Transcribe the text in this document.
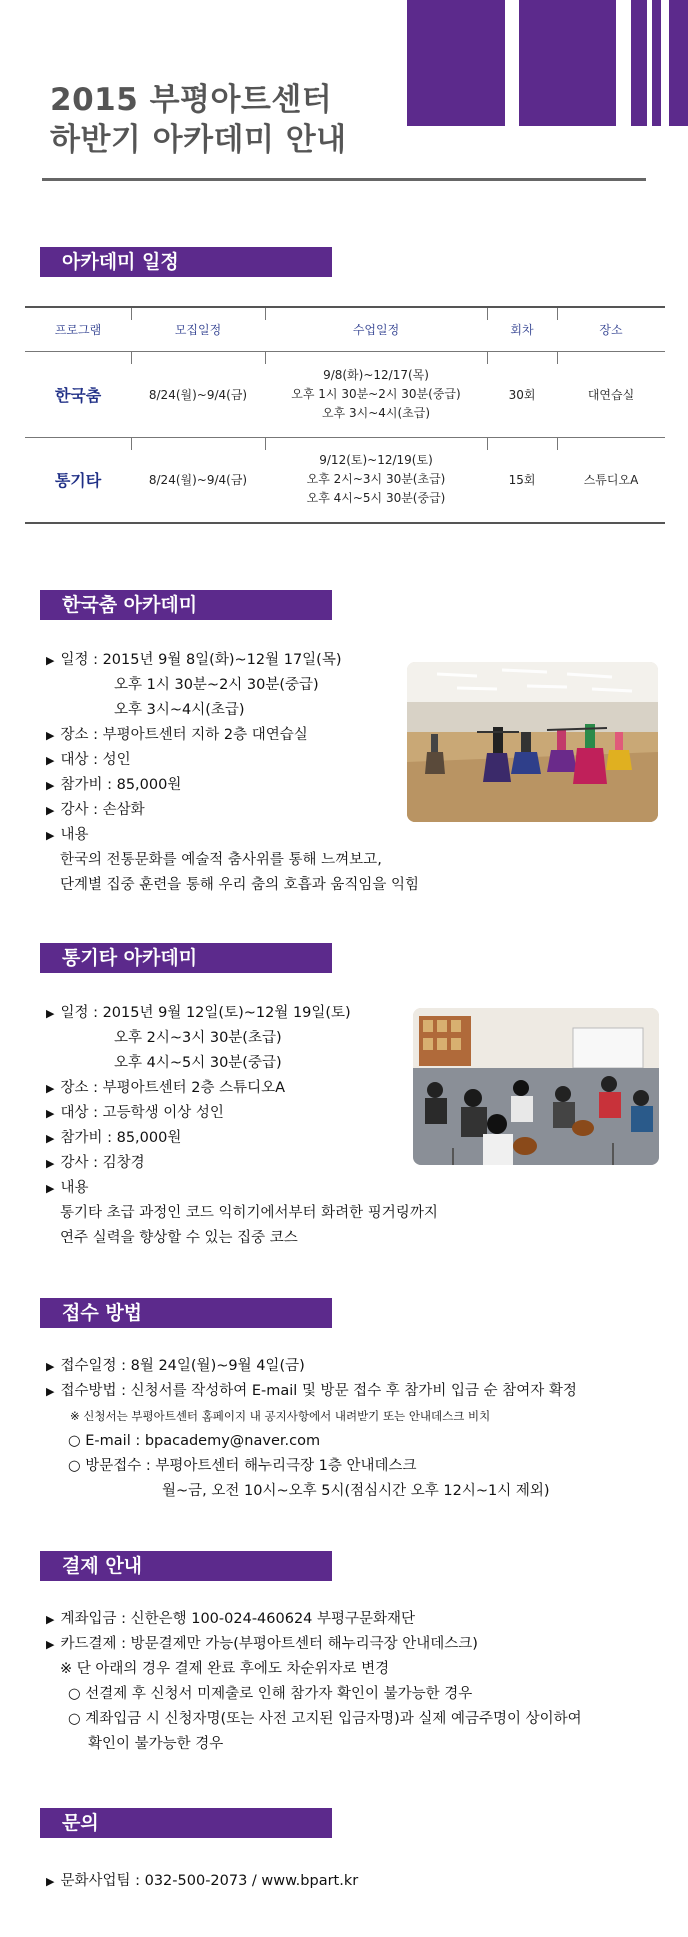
2015 부평아트센터
하반기 아카데미 안내
아카데미 일정
프로그램	모집일정	수업일정	회차	장소
한국춤	8/24(월)~9/4(금)	9/8(화)~12/17(목)
오후 1시 30분~2시 30분(중급)
오후 3시~4시(초급)	30회	대연습실
통기타	8/24(월)~9/4(금)	9/12(토)~12/19(토)
오후 2시~3시 30분(초급)
오후 4시~5시 30분(중급)	15회	스튜디오A
한국춤 아카데미
▶ 일정 : 2015년 9월 8일(화)~12월 17일(목)
오후 1시 30분~2시 30분(중급)
오후 3시~4시(초급)
▶ 장소 : 부평아트센터 지하 2층 대연습실
▶ 대상 : 성인
▶ 참가비 : 85,000원
▶ 강사 : 손삼화
▶ 내용
한국의 전통문화를 예술적 춤사위를 통해 느껴보고,
단계별 집중 훈련을 통해 우리 춤의 호흡과 움직임을 익힘
통기타 아카데미
▶ 일정 : 2015년 9월 12일(토)~12월 19일(토)
오후 2시~3시 30분(초급)
오후 4시~5시 30분(중급)
▶ 장소 : 부평아트센터 2층 스튜디오A
▶ 대상 : 고등학생 이상 성인
▶ 참가비 : 85,000원
▶ 강사 : 김창경
▶ 내용
통기타 초급 과정인 코드 익히기에서부터 화려한 핑거링까지
연주 실력을 향상할 수 있는 집중 코스
접수 방법
▶ 접수일정 : 8월 24일(월)~9월 4일(금)
▶ 접수방법 : 신청서를 작성하여 E-mail 및 방문 접수 후 참가비 입금 순 참여자 확정
※ 신청서는 부평아트센터 홈페이지 내 공지사항에서 내려받기 또는 안내데스크 비치
○ E-mail : bpacademy@naver.com
○ 방문접수 : 부평아트센터 해누리극장 1층 안내데스크
월~금, 오전 10시~오후 5시(점심시간 오후 12시~1시 제외)
결제 안내
▶ 계좌입금 : 신한은행 100-024-460624 부평구문화재단
▶ 카드결제 : 방문결제만 가능(부평아트센터 해누리극장 안내데스크)
※ 단 아래의 경우 결제 완료 후에도 차순위자로 변경
○ 선결제 후 신청서 미제출로 인해 참가자 확인이 불가능한 경우
○ 계좌입금 시 신청자명(또는 사전 고지된 입금자명)과 실제 예금주명이 상이하여
확인이 불가능한 경우
문의
▶ 문화사업팀 : 032-500-2073 / www.bpart.kr
